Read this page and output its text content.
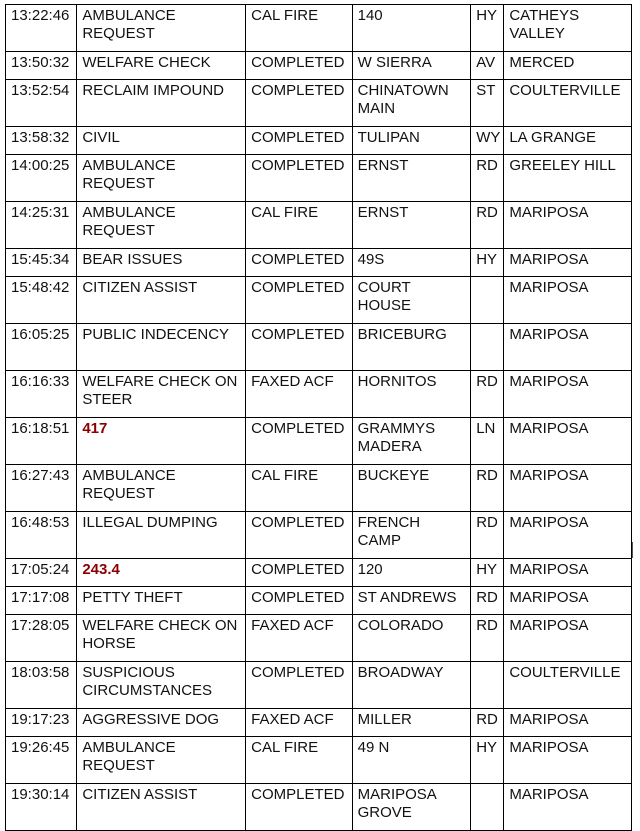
13:22:46	AMBULANCE REQUEST	CAL FIRE	140	HY	CATHEYS VALLEY
13:50:32	WELFARE CHECK	COMPLETED	W SIERRA	AV	MERCED
13:52:54	RECLAIM IMPOUND	COMPLETED	CHINATOWN MAIN	ST	COULTERVILLE
13:58:32	CIVIL	COMPLETED	TULIPAN	WY	LA GRANGE
14:00:25	AMBULANCE REQUEST	COMPLETED	ERNST	RD	GREELEY HILL
14:25:31	AMBULANCE REQUEST	CAL FIRE	ERNST	RD	MARIPOSA
15:45:34	BEAR ISSUES	COMPLETED	49S	HY	MARIPOSA
15:48:42	CITIZEN ASSIST	COMPLETED	COURT HOUSE		MARIPOSA
16:05:25	PUBLIC INDECENCY	COMPLETED	BRICEBURG		MARIPOSA
16:16:33	WELFARE CHECK ON STEER	FAXED ACF	HORNITOS	RD	MARIPOSA
16:18:51	417	COMPLETED	GRAMMYS MADERA	LN	MARIPOSA
16:27:43	AMBULANCE REQUEST	CAL FIRE	BUCKEYE	RD	MARIPOSA
16:48:53	ILLEGAL DUMPING	COMPLETED	FRENCH CAMP	RD	MARIPOSA
17:05:24	243.4	COMPLETED	120	HY	MARIPOSA
17:17:08	PETTY THEFT	COMPLETED	ST ANDREWS	RD	MARIPOSA
17:28:05	WELFARE CHECK ON HORSE	FAXED ACF	COLORADO	RD	MARIPOSA
18:03:58	SUSPICIOUS CIRCUMSTANCES	COMPLETED	BROADWAY		COULTERVILLE
19:17:23	AGGRESSIVE DOG	FAXED ACF	MILLER	RD	MARIPOSA
19:26:45	AMBULANCE REQUEST	CAL FIRE	49 N	HY	MARIPOSA
19:30:14	CITIZEN ASSIST	COMPLETED	MARIPOSA GROVE		MARIPOSA
